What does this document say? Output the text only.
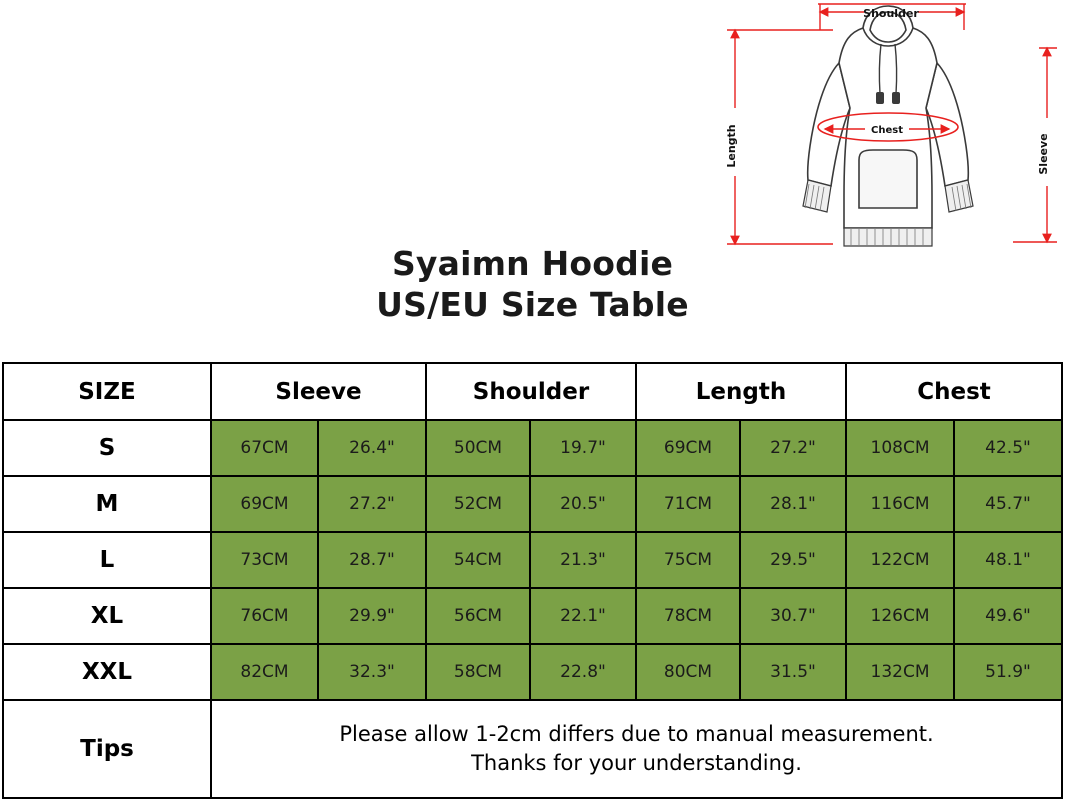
Shoulder
Length	Sleeve
Chest
Syaimn Hoodie
US/EU Size Table
SIZE	Sleeve		Shoulder		Length		Chest	
S	67CM	26.4"	50CM	19.7"	69CM	27.2"	108CM	42.5"
M	69CM	27.2"	52CM	20.5"	71CM	28.1"	116CM	45.7"
L	73CM	28.7"	54CM	21.3"	75CM	29.5"	122CM	48.1"
XL	76CM	29.9"	56CM	22.1"	78CM	30.7"	126CM	49.6"
XXL	82CM	32.3"	58CM	22.8"	80CM	31.5"	132CM	51.9"
Tips	Please allow 1-2cm differs due to manual measurement.
Thanks for your understanding.							
